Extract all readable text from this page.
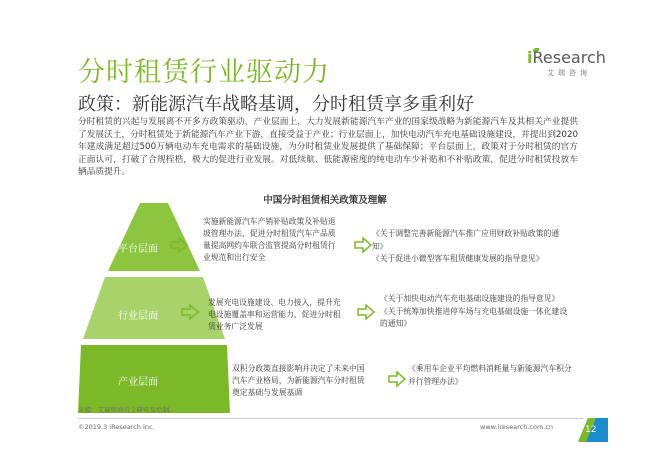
分时租赁行业驱动力
政策：新能源汽车战略基调，分时租赁享多重利好
iResearch
艾瑞咨询
分时租赁的兴起与发展离不开多方政策驱动，产业层面上，大力发展新能源汽车产业的国家级战略为新能源汽车及其相关产业提供了发展沃土，分时租赁处于新能源汽车产业下游，直接受益于产业；行业层面上，加快电动汽车充电基础设施建设，并提出到2020年建成满足超过500万辆电动车充电需求的基础设施，为分时租赁业发展提供了基础保障；平台层面上，政策对于分时租赁的官方正面认可，打破了合规桎梏，极大的促进行业发展。对低续航、低能源密度的纯电动车少补贴和不补贴政策，促进分时租赁投放车辆品质提升。
中国分时租赁相关政策及理解
平台层面
行业层面
产业层面
实施新能源汽车产销补贴政策及补贴退坡管理办法，促进分时租赁汽车产品质量提高网约车联合监管提高分时租赁行业规范和出行安全
发展充电设施建设、电力接入，提升充电设施覆盖率和运营能力，促进分时租赁业务广泛发展
双积分政策直接影响并决定了未来中国汽车产业格局，为新能源汽车分时租赁奠定基础与发展基调
《关于调整完善新能源汽车推广应用财政补贴政策的通知》
《关于促进小微型客车租赁健康发展的指导意见》
《关于加快电动汽车充电基础设施建设的指导意见》
《关于统筹加快推进停车场与充电基础设施一体化建设的通知》
《乘用车企业平均燃料消耗量与新能源汽车积分并行管理办法》
来源：艾瑞咨询自主研究及绘制。
©2019.3 iResearch Inc.	www.iresearch.com.cn	12
